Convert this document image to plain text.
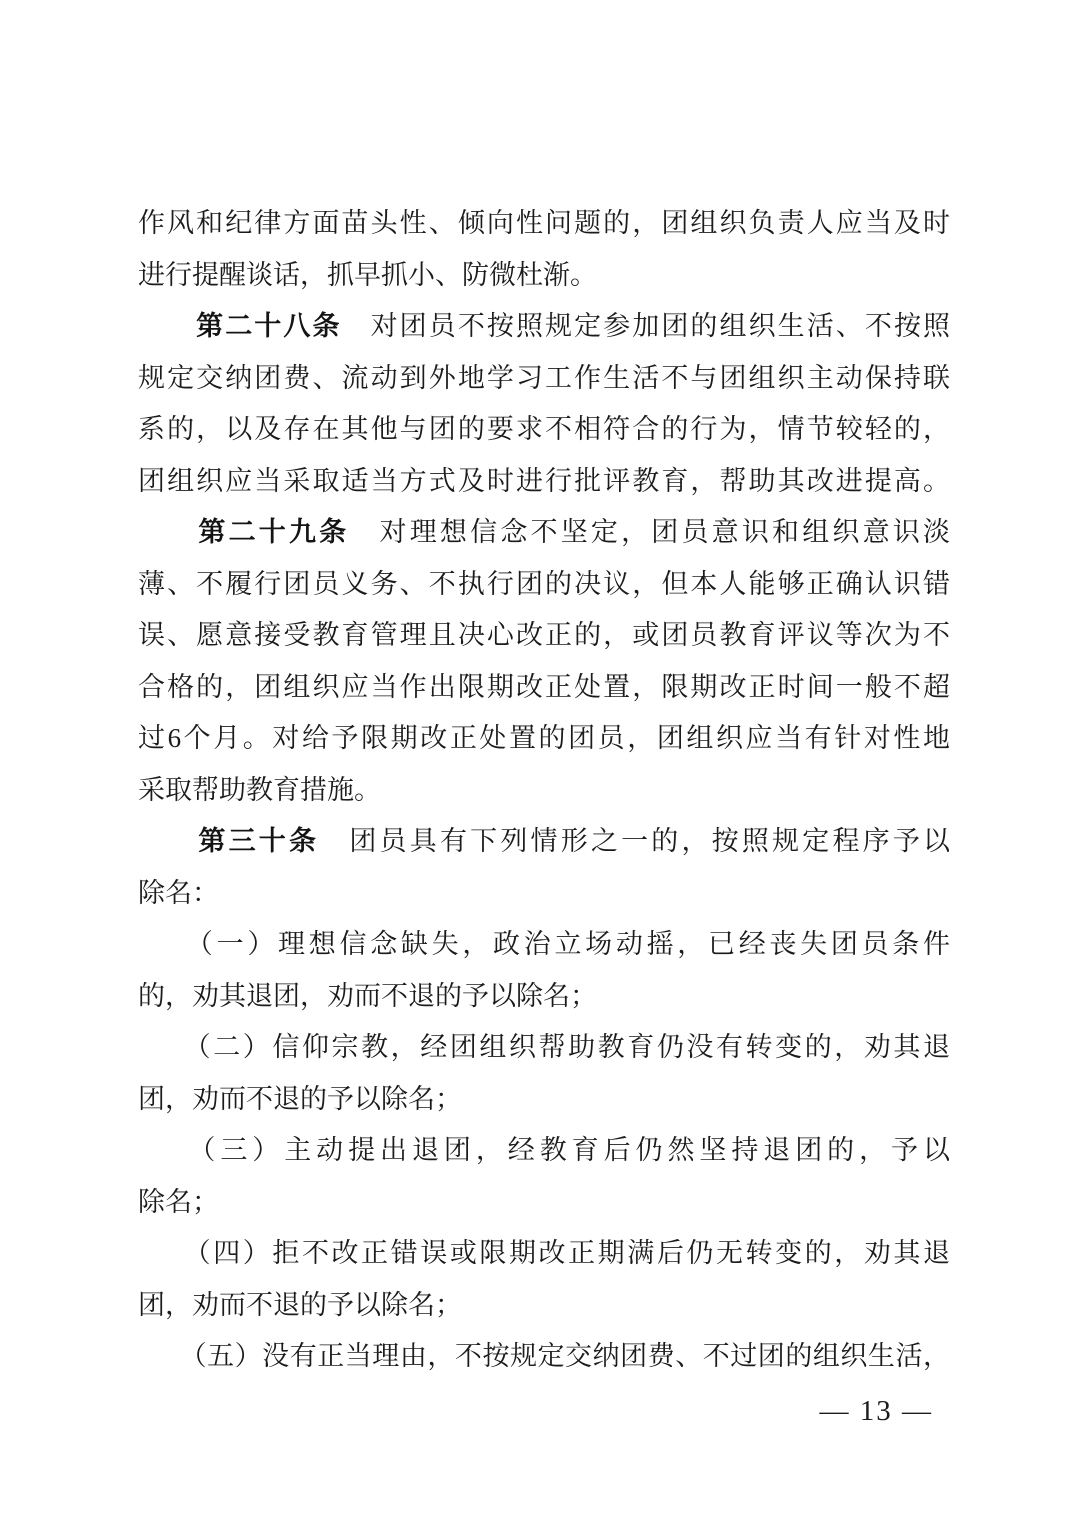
作风和纪律方面苗头性、倾向性问题的，团组织负责人应当及时
进行提醒谈话，抓早抓小、防微杜渐。
　　第二十八条　对团员不按照规定参加团的组织生活、不按照
规定交纳团费、流动到外地学习工作生活不与团组织主动保持联
系的，以及存在其他与团的要求不相符合的行为，情节较轻的，
团组织应当采取适当方式及时进行批评教育，帮助其改进提高。
　　第二十九条　对理想信念不坚定，团员意识和组织意识淡
薄、不履行团员义务、不执行团的决议，但本人能够正确认识错
误、愿意接受教育管理且决心改正的，或团员教育评议等次为不
合格的，团组织应当作出限期改正处置，限期改正时间一般不超
过6个月。对给予限期改正处置的团员，团组织应当有针对性地
采取帮助教育措施。
　　第三十条　团员具有下列情形之一的，按照规定程序予以
除名：
　　（一）理想信念缺失，政治立场动摇，已经丧失团员条件
的，劝其退团，劝而不退的予以除名；
　　（二）信仰宗教，经团组织帮助教育仍没有转变的，劝其退
团，劝而不退的予以除名；
　　（三）主动提出退团，经教育后仍然坚持退团的，予以
除名；
　　（四）拒不改正错误或限期改正期满后仍无转变的，劝其退
团，劝而不退的予以除名；
　　（五）没有正当理由，不按规定交纳团费、不过团的组织生活，
— 13 —
